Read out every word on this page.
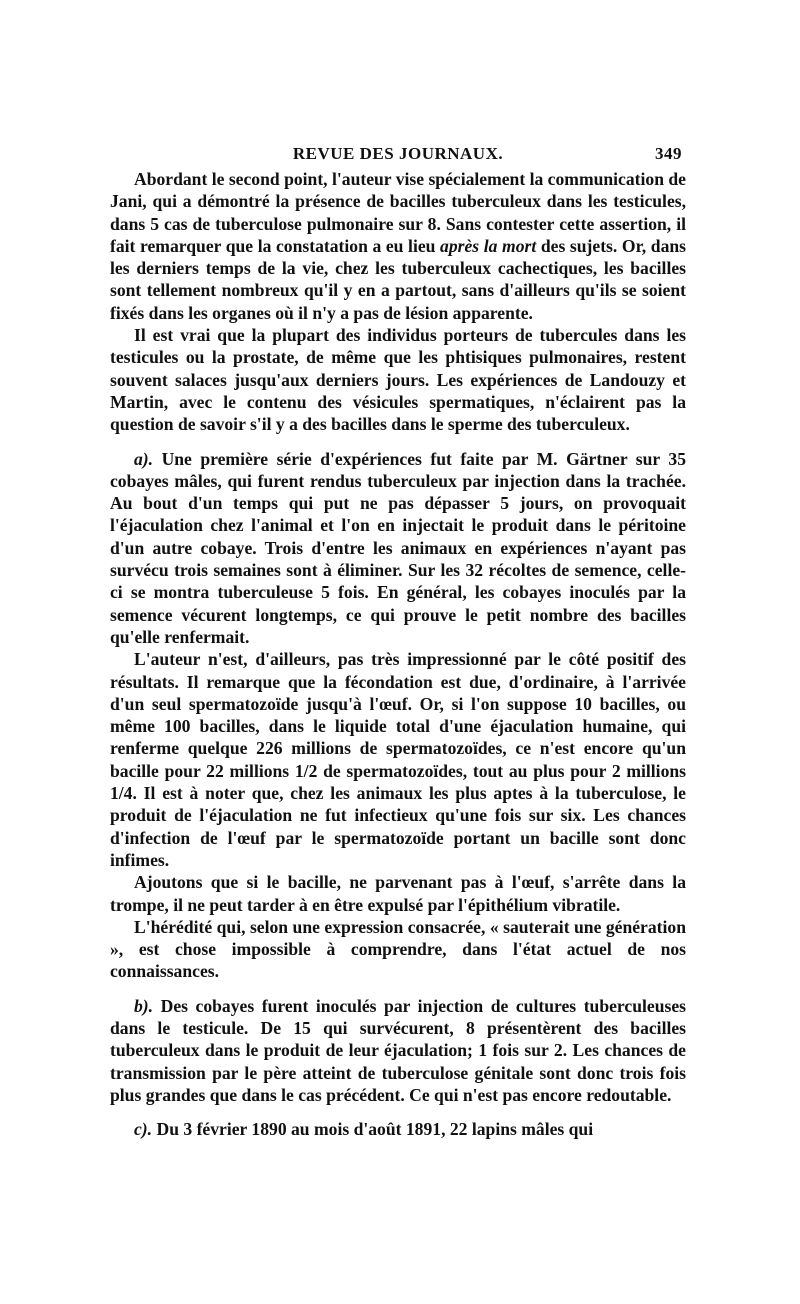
REVUE DES JOURNAUX.	349

Abordant le second point, l'auteur vise spécialement la communication de Jani, qui a démontré la présence de bacilles tuberculeux dans les testicules, dans 5 cas de tuberculose pulmonaire sur 8. Sans contester cette assertion, il fait remarquer que la constatation a eu lieu après la mort des sujets. Or, dans les derniers temps de la vie, chez les tuberculeux cachectiques, les bacilles sont tellement nombreux qu'il y en a partout, sans d'ailleurs qu'ils se soient fixés dans les organes où il n'y a pas de lésion apparente.

Il est vrai que la plupart des individus porteurs de tubercules dans les testicules ou la prostate, de même que les phtisiques pulmonaires, restent souvent salaces jusqu'aux derniers jours. Les expériences de Landouzy et Martin, avec le contenu des vésicules spermatiques, n'éclairent pas la question de savoir s'il y a des bacilles dans le sperme des tuberculeux.

a). Une première série d'expériences fut faite par M. Gärtner sur 35 cobayes mâles, qui furent rendus tuberculeux par injection dans la trachée. Au bout d'un temps qui put ne pas dépasser 5 jours, on provoquait l'éjaculation chez l'animal et l'on en injectait le produit dans le péritoine d'un autre cobaye. Trois d'entre les animaux en expériences n'ayant pas survécu trois semaines sont à éliminer. Sur les 32 récoltes de semence, celle-ci se montra tuberculeuse 5 fois. En général, les cobayes inoculés par la semence vécurent longtemps, ce qui prouve le petit nombre des bacilles qu'elle renfermait.

L'auteur n'est, d'ailleurs, pas très impressionné par le côté positif des résultats. Il remarque que la fécondation est due, d'ordinaire, à l'arrivée d'un seul spermatozoïde jusqu'à l'œuf. Or, si l'on suppose 10 bacilles, ou même 100 bacilles, dans le liquide total d'une éjaculation humaine, qui renferme quelque 226 millions de spermatozoïdes, ce n'est encore qu'un bacille pour 22 millions 1/2 de spermatozoïdes, tout au plus pour 2 millions 1/4. Il est à noter que, chez les animaux les plus aptes à la tuberculose, le produit de l'éjaculation ne fut infectieux qu'une fois sur six. Les chances d'infection de l'œuf par le spermatozoïde portant un bacille sont donc infimes.

Ajoutons que si le bacille, ne parvenant pas à l'œuf, s'arrête dans la trompe, il ne peut tarder à en être expulsé par l'épithélium vibratile.

L'hérédité qui, selon une expression consacrée, « sauterait une génération », est chose impossible à comprendre, dans l'état actuel de nos connaissances.

b). Des cobayes furent inoculés par injection de cultures tuberculeuses dans le testicule. De 15 qui survécurent, 8 présentèrent des bacilles tuberculeux dans le produit de leur éjaculation; 1 fois sur 2. Les chances de transmission par le père atteint de tuberculose génitale sont donc trois fois plus grandes que dans le cas précédent. Ce qui n'est pas encore redoutable.

c). Du 3 février 1890 au mois d'août 1891, 22 lapins mâles qui
